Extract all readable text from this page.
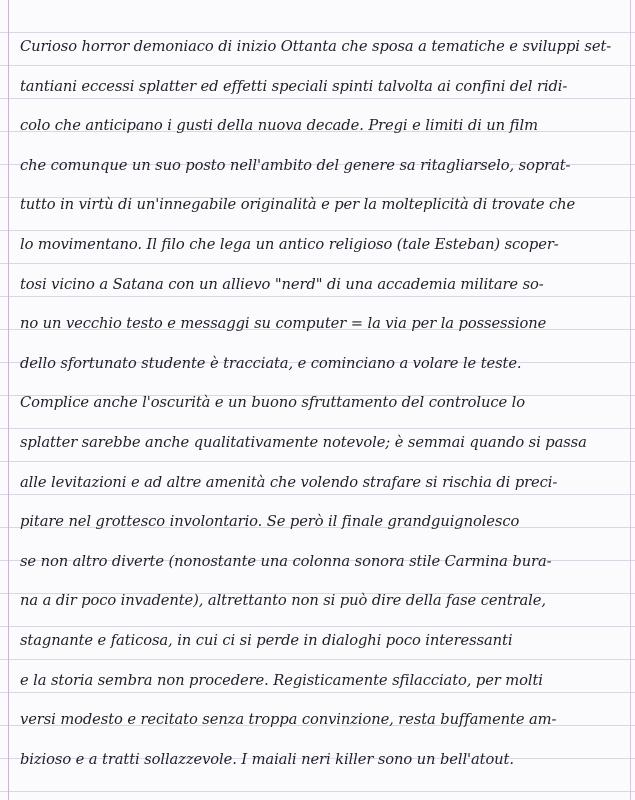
Curioso horror demoniaco di inizio Ottanta che sposa a tematiche e sviluppi set-
tantiani eccessi splatter ed effetti speciali spinti talvolta ai confini del ridi-
colo che anticipano i gusti della nuova decade. Pregi e limiti di un film
che comunque un suo posto nell'ambito del genere sa ritagliarselo, soprat-
tutto in virtù di un'innegabile originalità e per la molteplicità di trovate che
lo movimentano. Il filo che lega un antico religioso (tale Esteban) scoper-
tosi vicino a Satana con un allievo "nerd" di una accademia militare so-
no un vecchio testo e messaggi su computer = la via per la possessione
dello sfortunato studente è tracciata, e cominciano a volare le teste.
Complice anche l'oscurità e un buono sfruttamento del controluce lo
splatter sarebbe anche qualitativamente notevole; è semmai quando si passa
alle levitazioni e ad altre amenità che volendo strafare si rischia di preci-
pitare nel grottesco involontario. Se però il finale grandguignolesco
se non altro diverte (nonostante una colonna sonora stile Carmina bura-
na a dir poco invadente), altrettanto non si può dire della fase centrale,
stagnante e faticosa, in cui ci si perde in dialoghi poco interessanti
e la storia sembra non procedere. Registicamente sfilacciato, per molti
versi modesto e recitato senza troppa convinzione, resta buffamente am-
bizioso e a tratti sollazzevole. I maiali neri killer sono un bell'atout.
